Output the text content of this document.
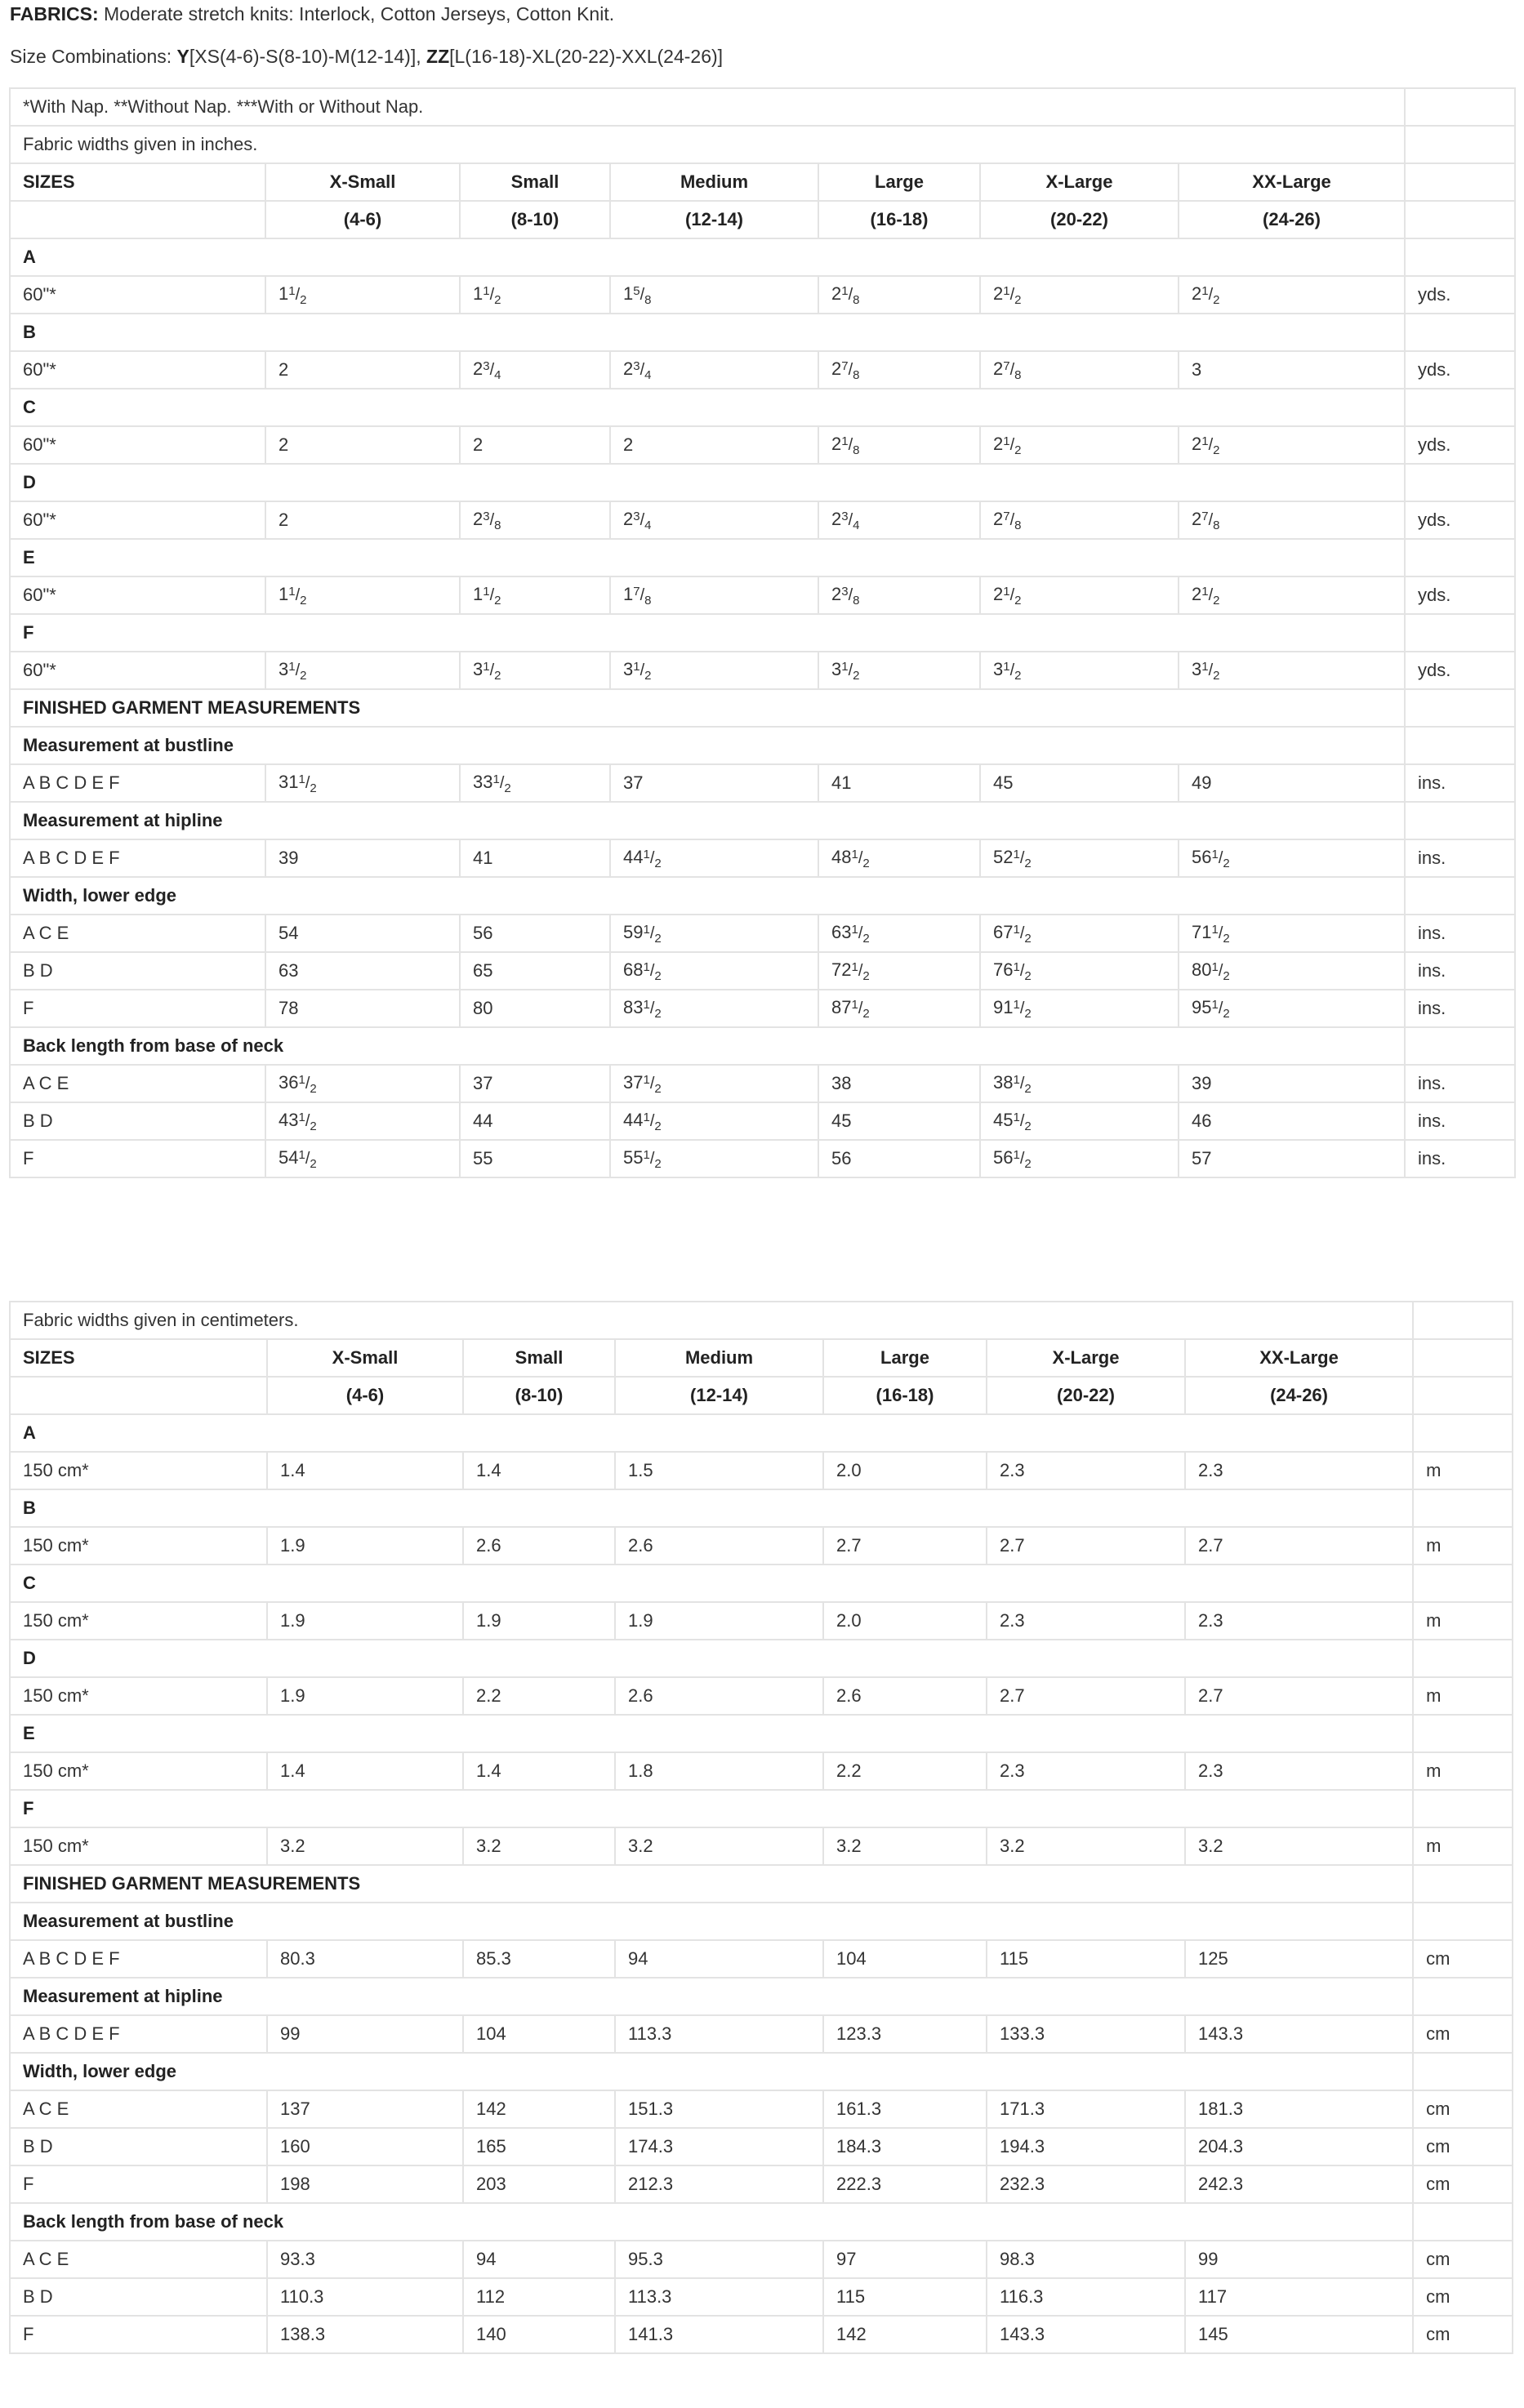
FABRICS: Moderate stretch knits: Interlock, Cotton Jerseys, Cotton Knit.
Size Combinations: Y[XS(4-6)-S(8-10)-M(12-14)], ZZ[L(16-18)-XL(20-22)-XXL(24-26)]
*With Nap. **Without Nap. ***With or Without Nap.							
Fabric widths given in inches.							
SIZES	X-Small	Small	Medium	Large	X-Large	XX-Large	
	(4-6)	(8-10)	(12-14)	(16-18)	(20-22)	(24-26)	
A							
60"*	$1^1/_2$	$1^1/_2$	$1^5/_8$	$2^1/_8$	$2^1/_2$	$2^1/_2$	yds.
B							
60"*	2	$2^3/_4$	$2^3/_4$	$2^7/_8$	$2^7/_8$	3	yds.
C							
60"*	2	2	2	$2^1/_8$	$2^1/_2$	$2^1/_2$	yds.
D							
60"*	2	$2^3/_8$	$2^3/_4$	$2^3/_4$	$2^7/_8$	$2^7/_8$	yds.
E							
60"*	$1^1/_2$	$1^1/_2$	$1^7/_8$	$2^3/_8$	$2^1/_2$	$2^1/_2$	yds.
F							
60"*	$3^1/_2$	$3^1/_2$	$3^1/_2$	$3^1/_2$	$3^1/_2$	$3^1/_2$	yds.
FINISHED GARMENT MEASUREMENTS							
Measurement at bustline							
A B C D E F	$31^1/_2$	$33^1/_2$	37	41	45	49	ins.
Measurement at hipline							
A B C D E F	39	41	$44^1/_2$	$48^1/_2$	$52^1/_2$	$56^1/_2$	ins.
Width, lower edge							
A C E	54	56	$59^1/_2$	$63^1/_2$	$67^1/_2$	$71^1/_2$	ins.
B D	63	65	$68^1/_2$	$72^1/_2$	$76^1/_2$	$80^1/_2$	ins.
F	78	80	$83^1/_2$	$87^1/_2$	$91^1/_2$	$95^1/_2$	ins.
Back length from base of neck							
A C E	$36^1/_2$	37	$37^1/_2$	38	$38^1/_2$	39	ins.
B D	$43^1/_2$	44	$44^1/_2$	45	$45^1/_2$	46	ins.
F	$54^1/_2$	55	$55^1/_2$	56	$56^1/_2$	57	ins.
Fabric widths given in centimeters.							
SIZES	X-Small	Small	Medium	Large	X-Large	XX-Large	
	(4-6)	(8-10)	(12-14)	(16-18)	(20-22)	(24-26)	
A							
150 cm*	1.4	1.4	1.5	2.0	2.3	2.3	m
B							
150 cm*	1.9	2.6	2.6	2.7	2.7	2.7	m
C							
150 cm*	1.9	1.9	1.9	2.0	2.3	2.3	m
D							
150 cm*	1.9	2.2	2.6	2.6	2.7	2.7	m
E							
150 cm*	1.4	1.4	1.8	2.2	2.3	2.3	m
F							
150 cm*	3.2	3.2	3.2	3.2	3.2	3.2	m
FINISHED GARMENT MEASUREMENTS							
Measurement at bustline							
A B C D E F	80.3	85.3	94	104	115	125	cm
Measurement at hipline							
A B C D E F	99	104	113.3	123.3	133.3	143.3	cm
Width, lower edge							
A C E	137	142	151.3	161.3	171.3	181.3	cm
B D	160	165	174.3	184.3	194.3	204.3	cm
F	198	203	212.3	222.3	232.3	242.3	cm
Back length from base of neck							
A C E	93.3	94	95.3	97	98.3	99	cm
B D	110.3	112	113.3	115	116.3	117	cm
F	138.3	140	141.3	142	143.3	145	cm
